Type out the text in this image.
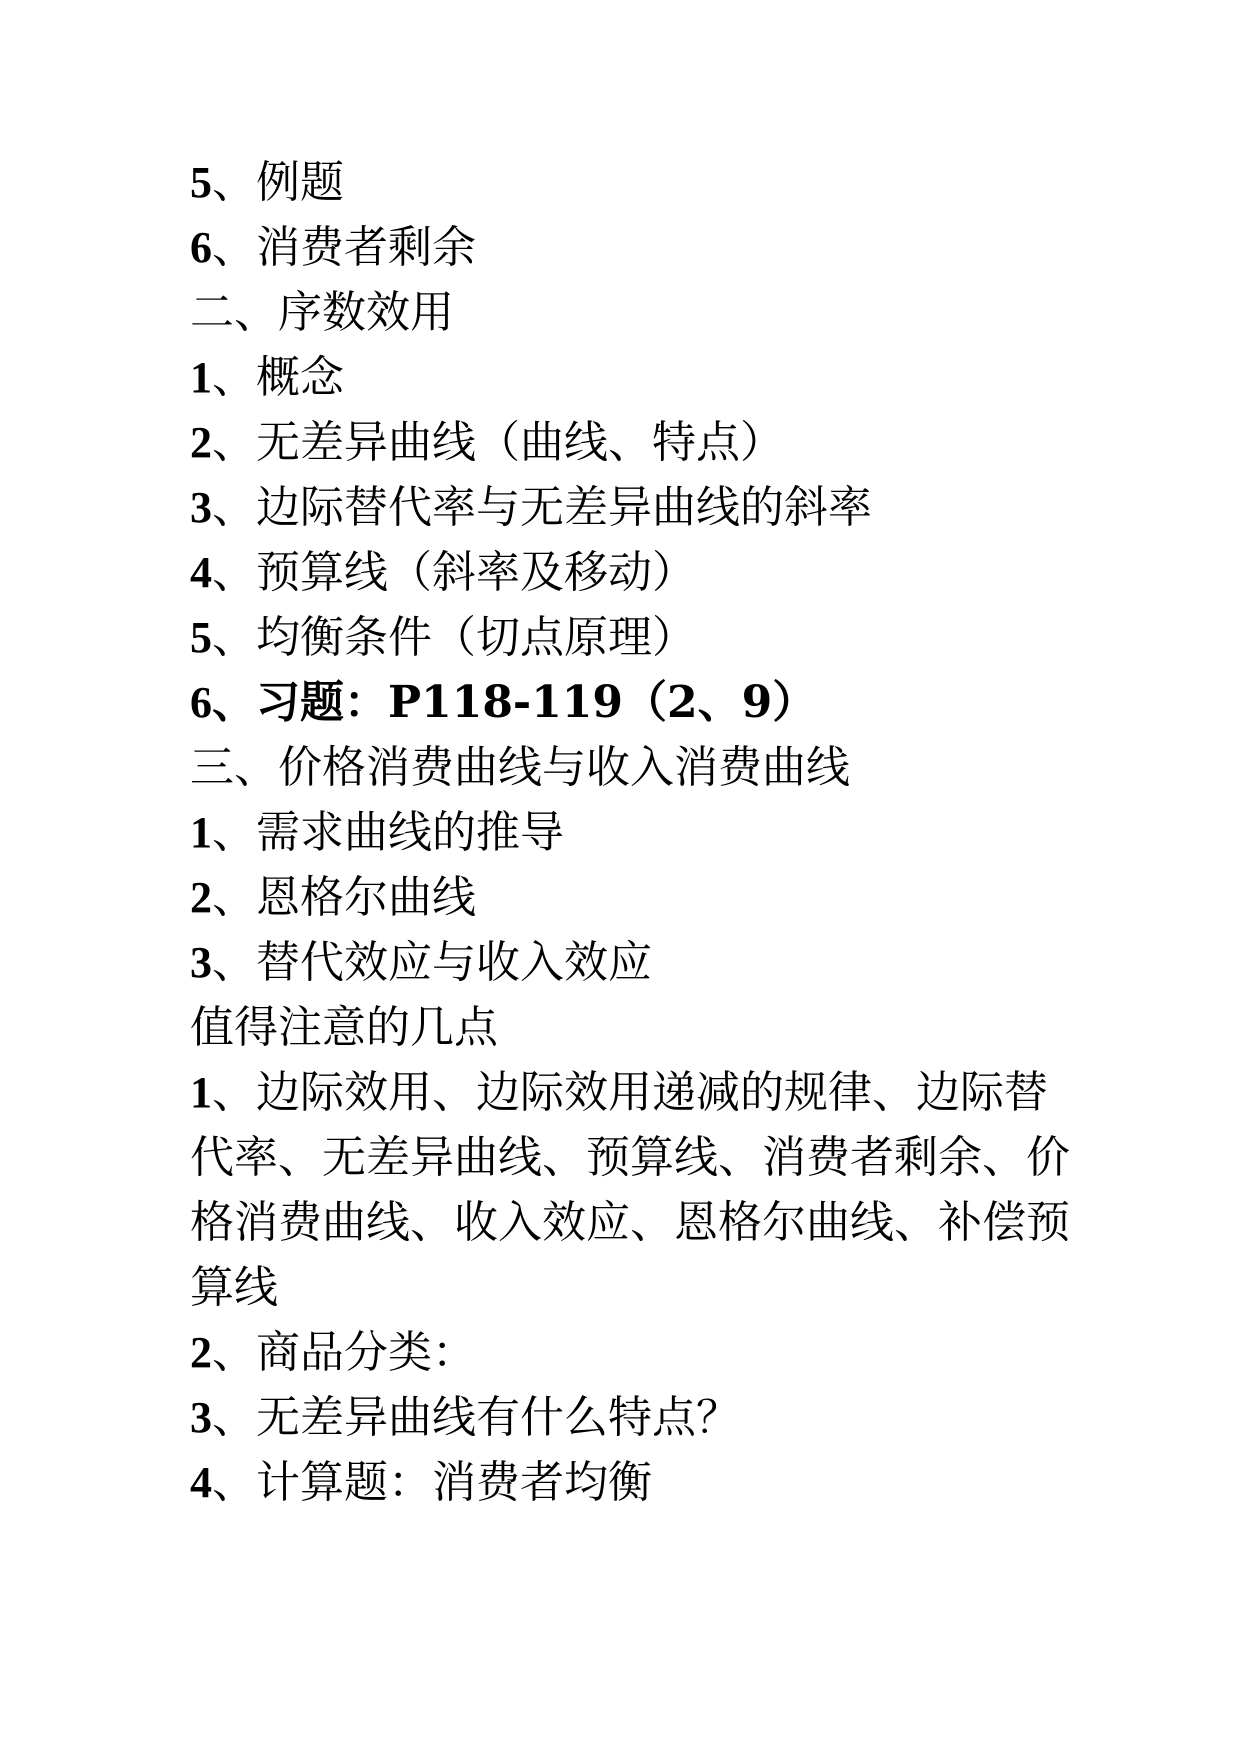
5、例题

6、消费者剩余

二、序数效用

1、概念

2、无差异曲线（曲线、特点）

3、边际替代率与无差异曲线的斜率

4、预算线（斜率及移动）

5、均衡条件（切点原理）

6、习题：P118-119（2、9）

三、价格消费曲线与收入消费曲线

1、需求曲线的推导

2、恩格尔曲线

3、替代效应与收入效应

值得注意的几点

1、边际效用、边际效用递减的规律、边际替代率、无差异曲线、预算线、消费者剩余、价格消费曲线、收入效应、恩格尔曲线、补偿预算线

2、商品分类：

3、无差异曲线有什么特点？

4、计算题：消费者均衡
